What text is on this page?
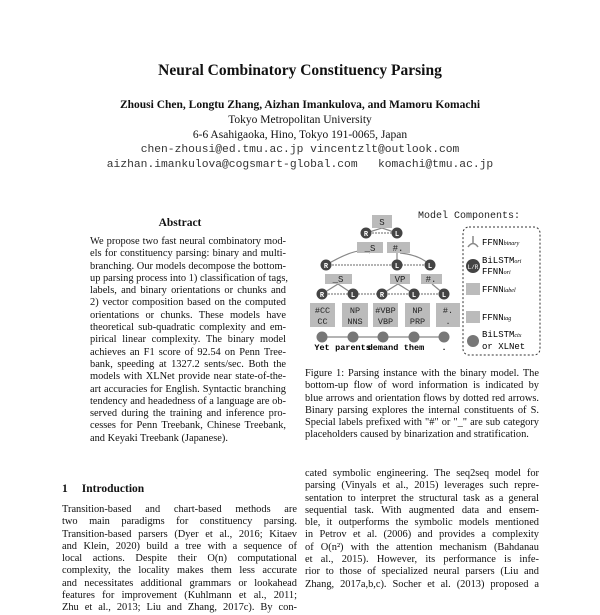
Neural Combinatory Constituency Parsing
Zhousi Chen, Longtu Zhang, Aizhan Imankulova, and Mamoru Komachi
Tokyo Metropolitan University
6-6 Asahigaoka, Hino, Tokyo 191-0065, Japan
chen-zhousi@ed.tmu.ac.jp vincentzlt@outlook.com
aizhan.imankulova@cogsmart-global.com   komachi@tmu.ac.jp
Abstract
We propose two fast neural combinatory mod-
els for constituency parsing: binary and multi-
branching. Our models decompose the bottom-
up parsing process into 1) classification of tags,
labels, and binary orientations or chunks and
2) vector composition based on the computed
orientations or chunks. These models have
theoretical sub-quadratic complexity and em-
pirical linear complexity. The binary model
achieves an F1 score of 92.54 on Penn Tree-
bank, speeding at 1327.2 sents/sec. Both the
models with XLNet provide near state-of-the-
art accuracies for English. Syntactic branching
tendency and headedness of a language are ob-
served during the training and inference pro-
cesses for Penn Treebank, Chinese Treebank,
and Keyaki Treebank (Japanese).
1 Introduction
Transition-based and chart-based methods are
two main paradigms for constituency parsing.
Transition-based parsers (Dyer et al., 2016; Kitaev
and Klein, 2020) build a tree with a sequence of
local actions. Despite their O(n) computational
complexity, the locality makes them less accurate
and necessitates additional grammars or lookahead
features for improvement (Kuhlmann et al., 2011;
Zhu et al., 2013; Liu and Zhang, 2017c). By con-
cated symbolic engineering. The seq2seq model for
parsing (Vinyals et al., 2015) leverages such repre-
sentation to interpret the structural task as a general
sequential task. With augmented data and ensem-
ble, it outperforms the symbolic models mentioned
in Petrov et al. (2006) and provides a complexity
of O(n²) with the attention mechanism (Bahdanau
et al., 2015). However, its performance is infe-
rior to those of specialized neural parsers (Liu and
Zhang, 2017a,b,c). Socher et al. (2013) proposed a
Figure 1: Parsing instance with the binary model. The
bottom-up flow of word information is indicated by
blue arrows and orientation flows by dotted red arrows.
Binary parsing explores the internal constituents of S.
Special labels prefixed with "#" or "_" are sub category
placeholders caused by binarization and stratification.
S
_S #.
_S	VP #.
#CC
CC
NP
NNS
#VBP
VBP
NP
PRP
#.
.
R	L
R	L	L
R	L	R	L	L
Yet parents
demand them .
Model Components:
FFNNbinary
L/R
BiLSTMori
FFNNori
FFNNlabel
FFNNtag
BiLSTMctx
or XLNet
